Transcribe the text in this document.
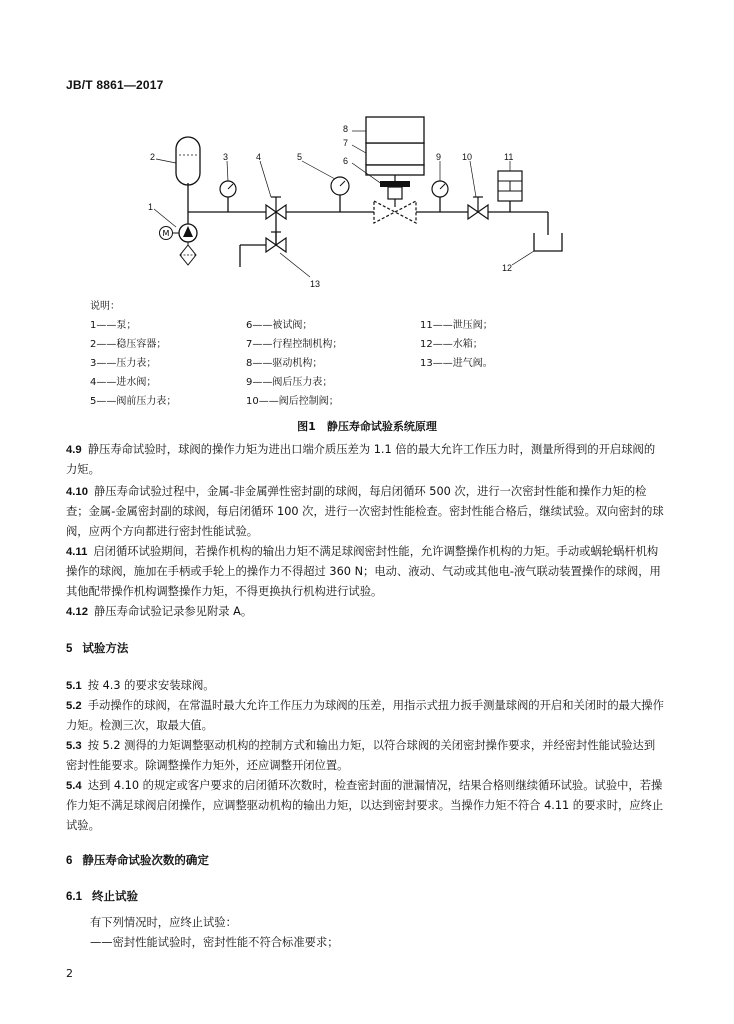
JB/T 8861—2017
M
1
2	3	4	5	6
7
8
9 10	11
12
13
说明：
1——泵；
2——稳压容器；
3——压力表；
4——进水阀；
5——阀前压力表；
6——被试阀；
7——行程控制机构；
8——驱动机构；
9——阀后压力表；
10——阀后控制阀；
11——泄压阀；
12——水箱；
13——进气阀。
图1　静压寿命试验系统原理
4.9 静压寿命试验时，球阀的操作力矩为进出口端介质压差为 1.1 倍的最大允许工作压力时，测量所得到的开启球阀的力矩。
4.10 静压寿命试验过程中，金属-非金属弹性密封副的球阀，每启闭循环 500 次，进行一次密封性能和操作力矩的检查；金属-金属密封副的球阀，每启闭循环 100 次，进行一次密封性能检查。密封性能合格后，继续试验。双向密封的球阀，应两个方向都进行密封性能试验。
4.11 启闭循环试验期间，若操作机构的输出力矩不满足球阀密封性能，允许调整操作机构的力矩。手动或蜗轮蜗杆机构操作的球阀，施加在手柄或手轮上的操作力不得超过 360 N；电动、液动、气动或其他电-液气联动装置操作的球阀，用其他配带操作机构调整操作力矩，不得更换执行机构进行试验。
4.12 静压寿命试验记录参见附录 A。
5 试验方法
5.1 按 4.3 的要求安装球阀。
5.2 手动操作的球阀，在常温时最大允许工作压力为球阀的压差，用指示式扭力扳手测量球阀的开启和关闭时的最大操作力矩。检测三次，取最大值。
5.3 按 5.2 测得的力矩调整驱动机构的控制方式和输出力矩，以符合球阀的关闭密封操作要求，并经密封性能试验达到密封性能要求。除调整操作力矩外，还应调整开闭位置。
5.4 达到 4.10 的规定或客户要求的启闭循环次数时，检查密封面的泄漏情况，结果合格则继续循环试验。试验中，若操作力矩不满足球阀启闭操作，应调整驱动机构的输出力矩，以达到密封要求。当操作力矩不符合 4.11 的要求时，应终止试验。
6 静压寿命试验次数的确定
6.1 终止试验
有下列情况时，应终止试验：
——密封性能试验时，密封性能不符合标准要求；
2
